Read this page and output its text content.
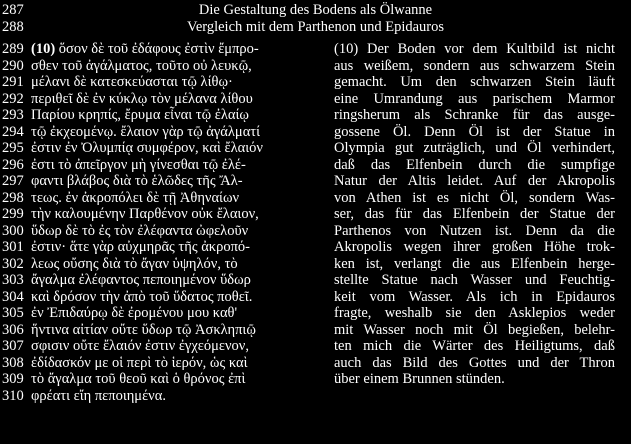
287	Die Gestaltung des Bodens als Ölwanne
288	Vergleich mit dem Parthenon und Epidauros
289 (10) ὅσον δὲ τοῦ ἐδάφους ἐστὶν ἔμπρο-
290 σθεν τοῦ ἀγάλματος, τοῦτο οὐ λευκῷ,
291 μέλανι δὲ κατεσκεύασται τῷ λίθῳ·
292 περιθεῖ δὲ ἐν κύκλῳ τὸν μέλανα λίθου
293 Παρίου κρηπίς, ἔρυμα εἶναι τῷ ἐλαίῳ
294 τῷ ἐκχεομένῳ. ἔλαιον γὰρ τῷ ἀγάλματί
295 ἐστιν ἐν Ὀλυμπίᾳ συμφέρον, καὶ ἔλαιόν
296 ἐστι τὸ ἀπεῖργον μὴ γίνεσθαι τῷ ἐλέ-
297 φαντι βλάβος διὰ τὸ ἑλῶδες τῆς Ἄλ-
298 τεως. ἐν ἀκροπόλει δὲ τῇ Ἀθηναίων
299 τὴν καλουμένην Παρθένον οὐκ ἔλαιον,
300 ὕδωρ δὲ τὸ ἐς τὸν ἐλέφαντα ὠφελοῦν
301 ἐστιν· ἅτε γὰρ αὐχμηρᾶς τῆς ἀκροπό-
302 λεως οὔσης διὰ τὸ ἄγαν ὑψηλόν, τὸ
303 ἄγαλμα ἐλέφαντος πεποιημένον ὕδωρ
304 καὶ δρόσον τὴν ἀπὸ τοῦ ὕδατος ποθεῖ.
305 ἐν Ἐπιδαύρῳ δὲ ἐρομένου μου καθ'
306 ἥντινα αἰτίαν οὔτε ὕδωρ τῷ Ἀσκληπιῷ
307 σφισιν οὔτε ἔλαιόν ἐστιν ἐγχεόμενον,
308 ἐδίδασκόν με οἱ περὶ τὸ ἱερόν, ὡς καὶ
309 τὸ ἄγαλμα τοῦ θεοῦ καὶ ὁ θρόνος ἐπὶ
310 φρέατι εἴη πεποιημένα.
(10) Der Boden vor dem Kultbild ist nicht
aus weißem, sondern aus schwarzem Stein
gemacht. Um den schwarzen Stein läuft
eine Umrandung aus parischem Marmor
ringsherum als Schranke für das ausge-
gossene Öl. Denn Öl ist der Statue in
Olympia gut zuträglich, und Öl verhindert,
daß das Elfenbein durch die sumpfige
Natur der Altis leidet. Auf der Akropolis
von Athen ist es nicht Öl, sondern Was-
ser, das für das Elfenbein der Statue der
Parthenos von Nutzen ist. Denn da die
Akropolis wegen ihrer großen Höhe trok-
ken ist, verlangt die aus Elfenbein herge-
stellte Statue nach Wasser und Feuchtig-
keit vom Wasser. Als ich in Epidauros
fragte, weshalb sie den Asklepios weder
mit Wasser noch mit Öl begießen, belehr-
ten mich die Wärter des Heiligtums, daß
auch das Bild des Gottes und der Thron
über einem Brunnen stünden.
